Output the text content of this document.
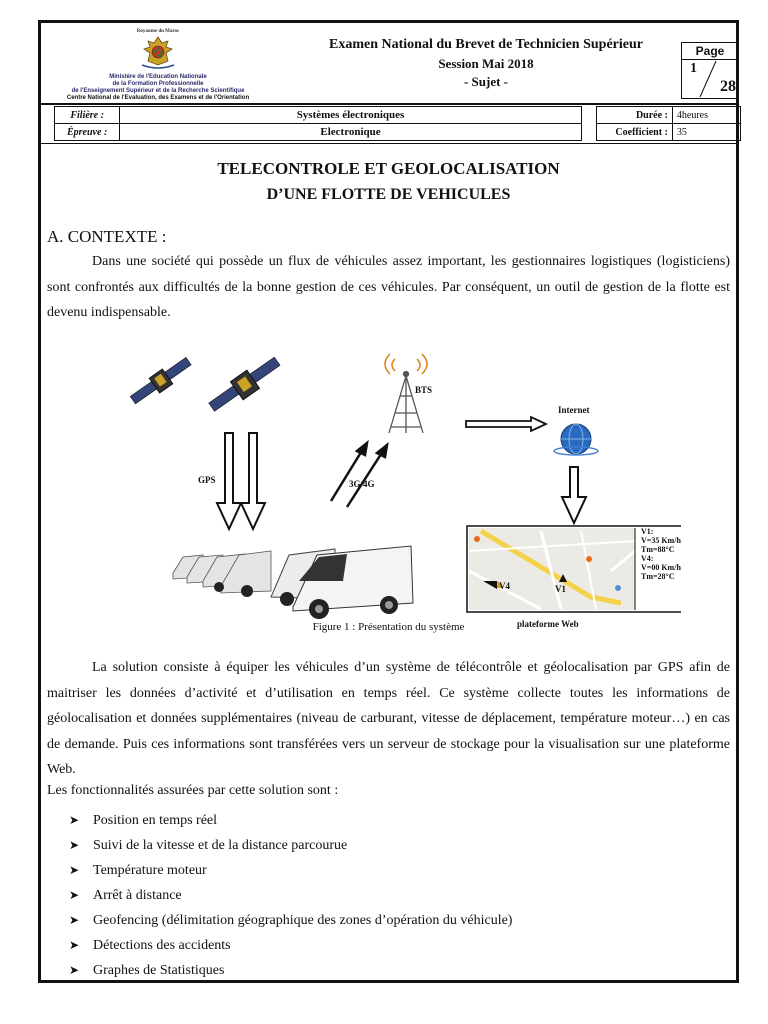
Royaume du Maroc
Ministère de l'Education Nationale
de la Formation Professionnelle
de l'Enseignement Supérieur et de la Recherche Scientifique
Centre National de l'Evaluation, des Examens et de l'Orientation
Examen National du Brevet de Technicien Supérieur
Session Mai 2018
- Sujet -
Page
1
28
Filière :	Systèmes électroniques		Durée :	4heures
Épreuve :	Electronique		Coefficient :	35
TELECONTROLE ET GEOLOCALISATION
D’UNE FLOTTE DE VEHICULES
A. CONTEXTE :
Dans une société qui possède un flux de véhicules assez important, les gestionnaires logistiques (logisticiens) sont confrontés aux difficultés de la bonne gestion de ces véhicules. Par conséquent, un outil de gestion de la flotte est devenu indispensable.
BTS
Internet
GPS	3G/4G
plateforme Web
V4	V1
V1:
V=35 Km/h
Tm=88°C
V4:
V=00 Km/h
Tm=28°C
Figure 1 : Présentation du système
La solution consiste à équiper les véhicules d’un système de télécontrôle et géolocalisation par GPS afin de maitriser les données d’activité et d’utilisation en temps réel. Ce système collecte toutes les informations de géolocalisation et données supplémentaires (niveau de carburant, vitesse de déplacement, température moteur…) en cas de demande. Puis ces informations sont transférées vers un serveur de stockage pour la visualisation sur une plateforme Web.
Les fonctionnalités assurées par cette solution sont :
➤ Position en temps réel
➤ Suivi de la vitesse et de la distance parcourue
➤ Température moteur
➤ Arrêt à distance
➤ Geofencing (délimitation géographique des zones d’opération du véhicule)
➤ Détections des accidents
➤ Graphes de Statistiques
